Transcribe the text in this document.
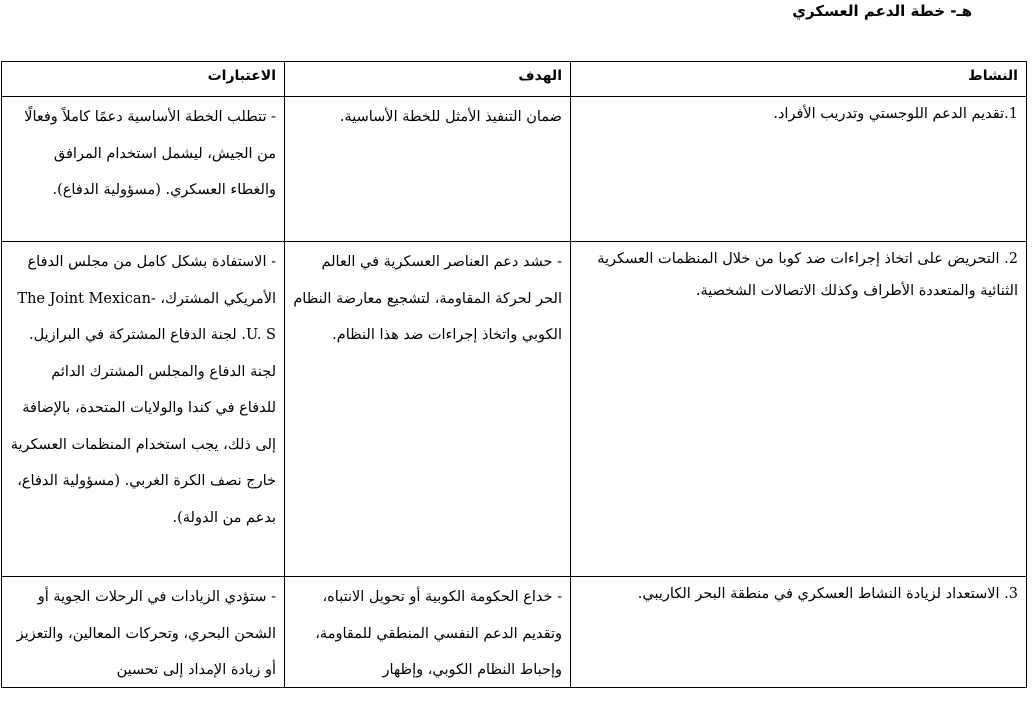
هـ- خطة الدعم العسكري
النشاط	الهدف	الاعتبارات

1.تقديم الدعم اللوجستي وتدريب الأفراد.	ضمان التنفيذ الأمثل للخطة الأساسية.	- تتطلب الخطة الأساسية دعمًا كاملاً وفعالًا من الجيش، ليشمل استخدام المرافق والغطاء العسكري. (مسؤولية الدفاع).

2. التحريض على اتخاذ إجراءات ضد كوبا من خلال المنظمات العسكرية الثنائية والمتعددة الأطراف وكذلك الاتصالات الشخصية.	- حشد دعم العناصر العسكرية في العالم الحر لحركة المقاومة، لتشجيع معارضة النظام الكوبي واتخاذ إجراءات ضد هذا النظام.	- الاستفادة بشكل كامل من مجلس الدفاع الأمريكي المشترك، The Joint Mexican-U. S. لجنة الدفاع المشتركة في البرازيل. لجنة الدفاع والمجلس المشترك الدائم للدفاع في كندا والولايات المتحدة، بالإضافة إلى ذلك، يجب استخدام المنظمات العسكرية خارج نصف الكرة الغربي. (مسؤولية الدفاع، بدعم من الدولة).

3. الاستعداد لزيادة النشاط العسكري في منطقة البحر الكاريبي.	- خداع الحكومة الكوبية أو تحويل الانتباه، وتقديم الدعم النفسي المنطقي للمقاومة، وإحباط النظام الكوبي، وإظهار	- ستؤدي الزيادات في الرحلات الجوية أو الشحن البحري، وتحركات المعالين، والتعزيز أو زيادة الإمداد إلى تحسين
